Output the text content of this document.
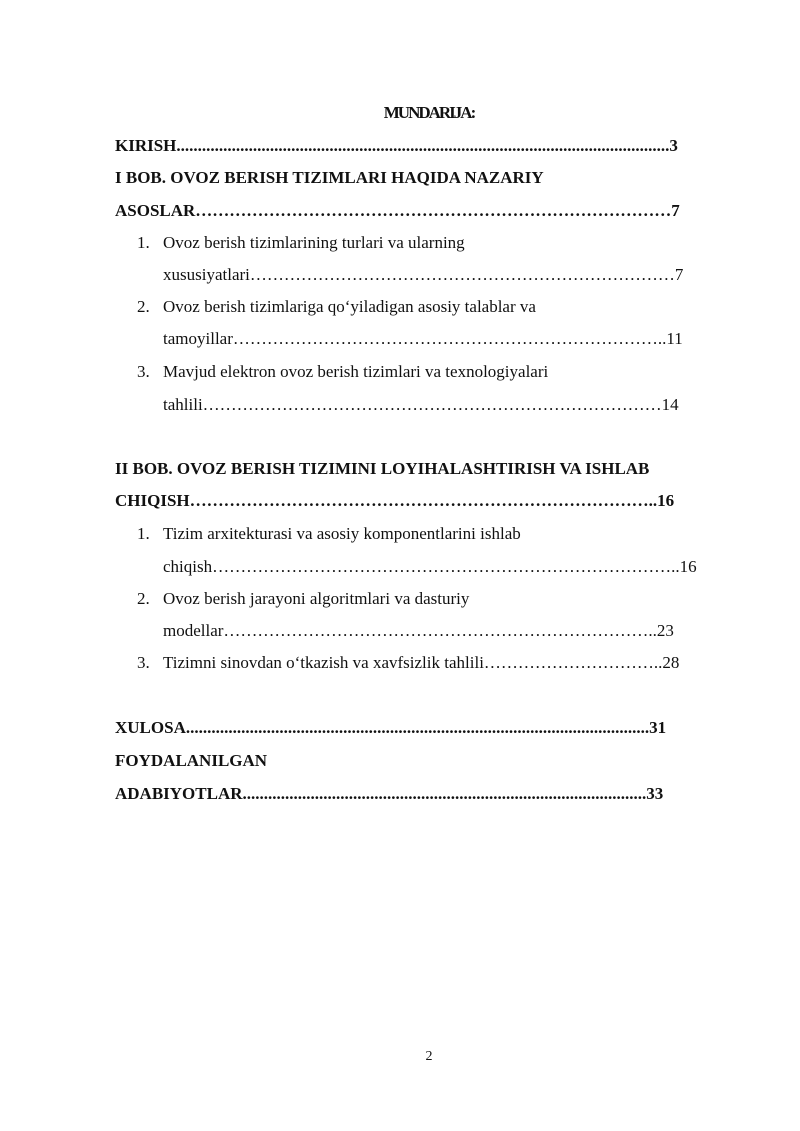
MUNDARIJA:
KIRISH....................................................................................................................3
I BOB. OVOZ BERISH TIZIMLARI HAQIDA NAZARIY
ASOSLAR…………………………………………………………………………7
1. Ovoz berish tizimlarining turlari va ularning
xususiyatlari…………………………………………………………………7
2. Ovoz berish tizimlariga qo‘yiladigan asosiy talablar va
tamoyillar…………………………………………………………………..11
3. Mavjud elektron ovoz berish tizimlari va texnologiyalari
tahlili………………………………………………………………………14
II BOB. OVOZ BERISH TIZIMINI LOYIHALASHTIRISH VA ISHLAB
CHIQISH………………………………………………………………………..16
1. Tizim arxitekturasi va asosiy komponentlarini ishlab
chiqish………………………………………………………………………..16
2. Ovoz berish jarayoni algoritmlari va dasturiy
modellar…………………………………………………………………..23
3. Tizimni sinovdan o‘tkazish va xavfsizlik tahlili…………………………..28
XULOSA.............................................................................................................31
FOYDALANILGAN
ADABIYOTLAR...............................................................................................33
2
